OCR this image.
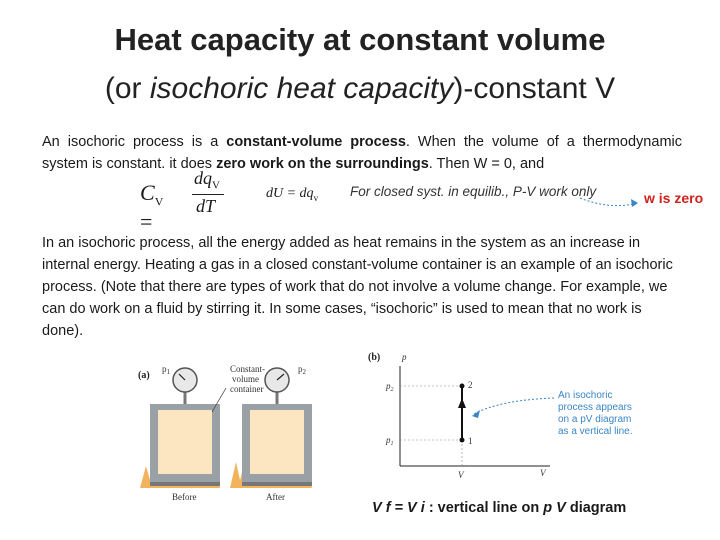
Heat capacity at constant volume
(or isochoric heat capacity)-constant V
An isochoric process is a constant-volume process. When the volume of a thermodynamic system is constant. it does zero work on the surroundings. Then W = 0, and
$C_V$ =
$dq_V$
dT
dU = $dq_v$ For closed syst. in equilib., P-V work only	w is zero
In an isochoric process, all the energy added as heat remains in the system as an increase in internal energy. Heating a gas in a closed constant-volume container is an example of an isochoric process. (Note that there are types of work that do not involve a volume change. For example, we can do work on a fluid by stirring it. In some cases, “isochoric” is used to mean that no work is done).
(a)
$p_1$	$p_2$
Constant-
volume
container
Before	After
(b) p
V
$p_2$
$p_1$
V
2
1
An isochoric
process appears
on a pV diagram
as a vertical line.
V f = V i : vertical line on p V diagram
